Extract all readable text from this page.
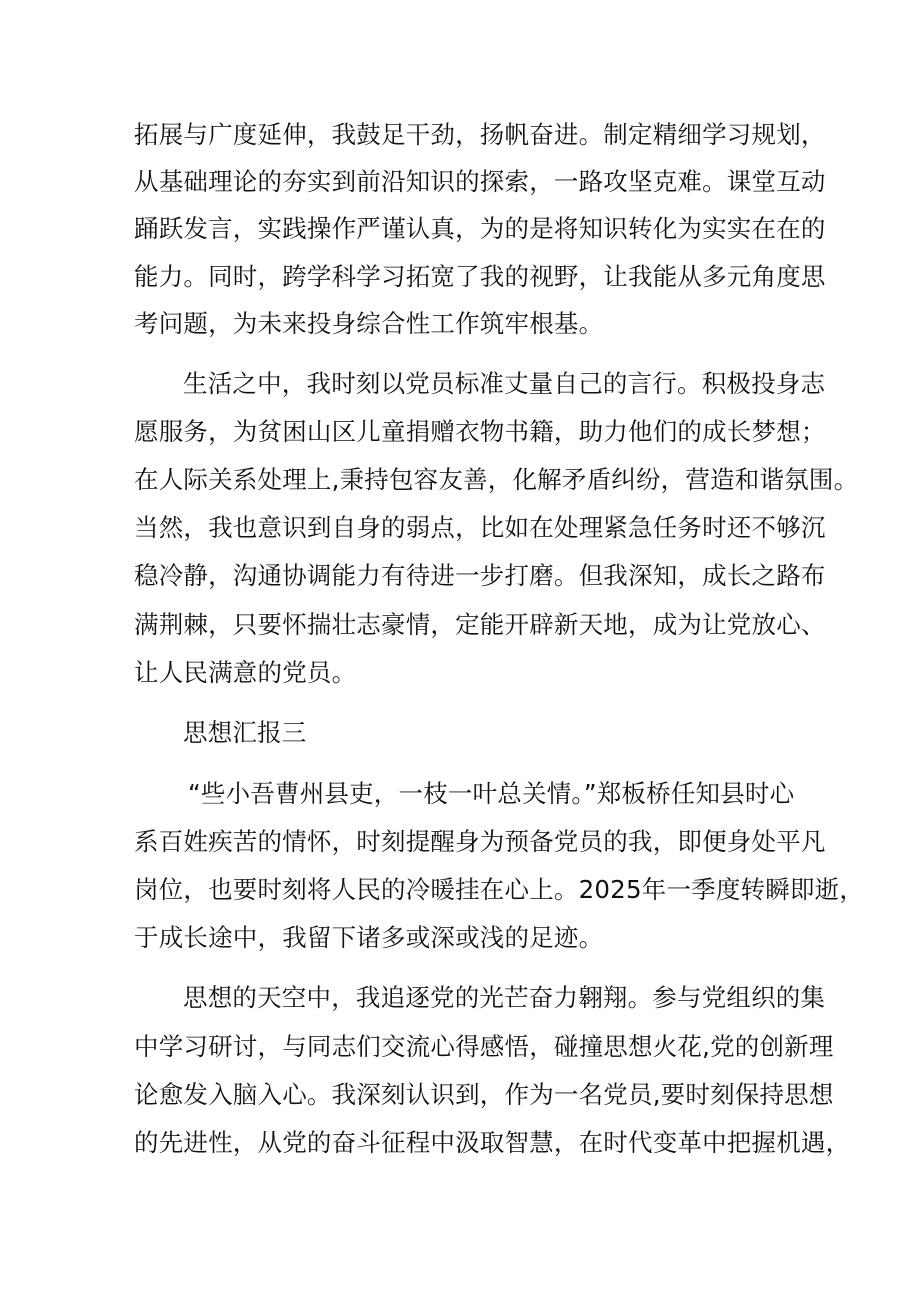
拓展与广度延伸，我鼓足干劲，扬帆奋进。制定精细学习规划，
从基础理论的夯实到前沿知识的探索，一路攻坚克难。课堂互动
踊跃发言，实践操作严谨认真，为的是将知识转化为实实在在的
能力。同时，跨学科学习拓宽了我的视野，让我能从多元角度思
考问题，为未来投身综合性工作筑牢根基。
生活之中，我时刻以党员标准丈量自己的言行。积极投身志
愿服务，为贫困山区儿童捐赠衣物书籍，助力他们的成长梦想；
在人际关系处理上,秉持包容友善，化解矛盾纠纷，营造和谐氛围。
当然，我也意识到自身的弱点，比如在处理紧急任务时还不够沉
稳冷静，沟通协调能力有待进一步打磨。但我深知，成长之路布
满荆棘，只要怀揣壮志豪情，定能开辟新天地，成为让党放心、
让人民满意的党员。
思想汇报三
“些小吾曹州县吏，一枝一叶总关情。”郑板桥任知县时心
系百姓疾苦的情怀，时刻提醒身为预备党员的我，即便身处平凡
岗位，也要时刻将人民的冷暖挂在心上。2025年一季度转瞬即逝，
于成长途中，我留下诸多或深或浅的足迹。
思想的天空中，我追逐党的光芒奋力翱翔。参与党组织的集
中学习研讨，与同志们交流心得感悟，碰撞思想火花,党的创新理
论愈发入脑入心。我深刻认识到，作为一名党员,要时刻保持思想
的先进性，从党的奋斗征程中汲取智慧，在时代变革中把握机遇，
